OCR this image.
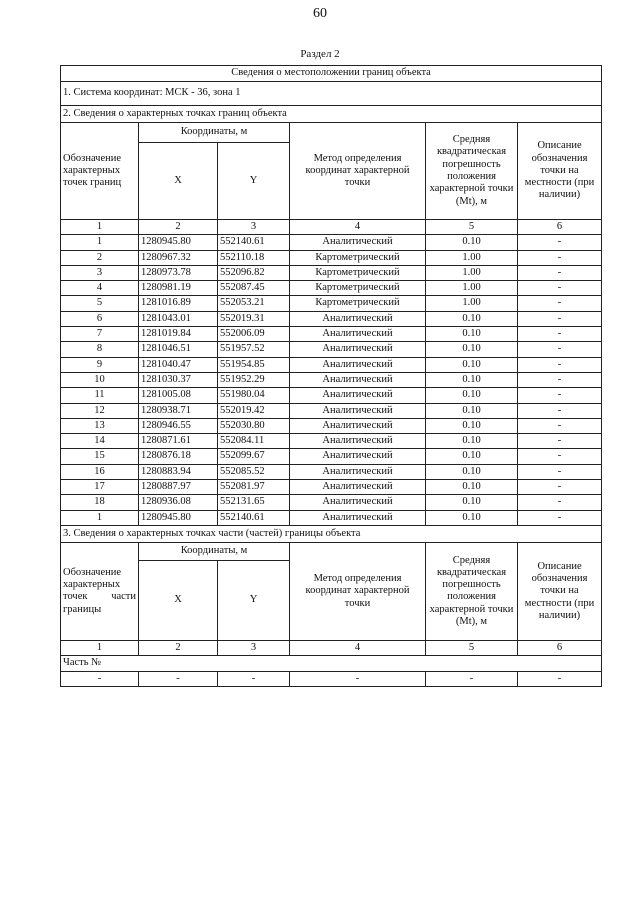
60
Раздел 2
Сведения о местоположении границ объекта					
1. Система координат: МСК - 36, зона 1					
2. Сведения о характерных точках границ объекта					
Обозначение характерных точек границ	Координаты, м		Метод определения координат характерной точки	Средняя квадратическая погрешность положения характерной точки (Mt), м	Описание обозначения точки на местности (при наличии)
	X	Y			
1	2	3	4	5	6
1	1280945.80	552140.61	Аналитический	0.10	-
2	1280967.32	552110.18	Картометрический	1.00	-
3	1280973.78	552096.82	Картометрический	1.00	-
4	1280981.19	552087.45	Картометрический	1.00	-
5	1281016.89	552053.21	Картометрический	1.00	-
6	1281043.01	552019.31	Аналитический	0.10	-
7	1281019.84	552006.09	Аналитический	0.10	-
8	1281046.51	551957.52	Аналитический	0.10	-
9	1281040.47	551954.85	Аналитический	0.10	-
10	1281030.37	551952.29	Аналитический	0.10	-
11	1281005.08	551980.04	Аналитический	0.10	-
12	1280938.71	552019.42	Аналитический	0.10	-
13	1280946.55	552030.80	Аналитический	0.10	-
14	1280871.61	552084.11	Аналитический	0.10	-
15	1280876.18	552099.67	Аналитический	0.10	-
16	1280883.94	552085.52	Аналитический	0.10	-
17	1280887.97	552081.97	Аналитический	0.10	-
18	1280936.08	552131.65	Аналитический	0.10	-
1	1280945.80	552140.61	Аналитический	0.10	-
3. Сведения о характерных точках части (частей) границы объекта					
Обозначение характерных точек части границы	Координаты, м		Метод определения координат характерной точки	Средняя квадратическая погрешность положения характерной точки (Mt), м	Описание обозначения точки на местности (при наличии)
	X	Y			
1	2	3	4	5	6
Часть №					
-	-	-	-	-	-
